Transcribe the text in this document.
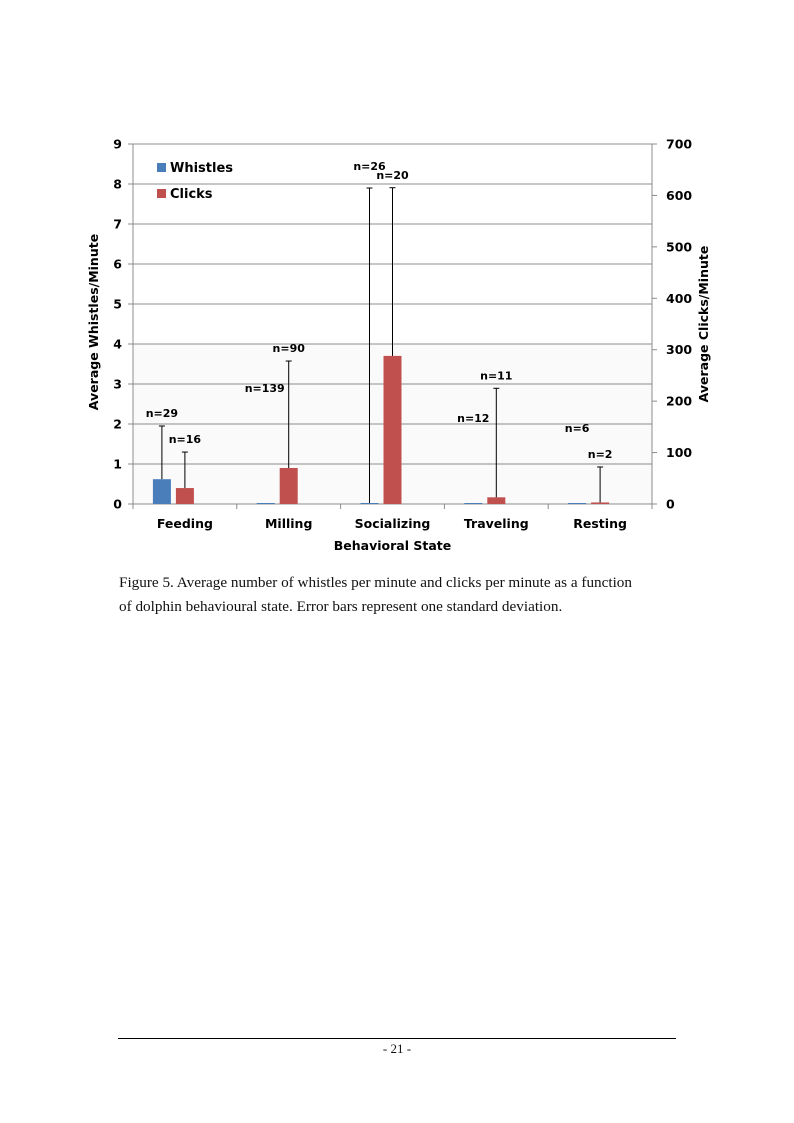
n=29
n=139
n=26
n=12
n=6
n=16
n=90
n=20
n=11
n=2
0
1
2
3
4
5
6
7
8
9
0
100
200
300
400
500
600
700
Feeding	Milling	Socializing	Traveling	Resting
Behavioral State
Average Whistles/Minute	Average Clicks/Minute
Whistles
Clicks
Figure 5. Average number of whistles per minute and clicks per minute as a function
of dolphin behavioural state. Error bars represent one standard deviation.
- 21 -
